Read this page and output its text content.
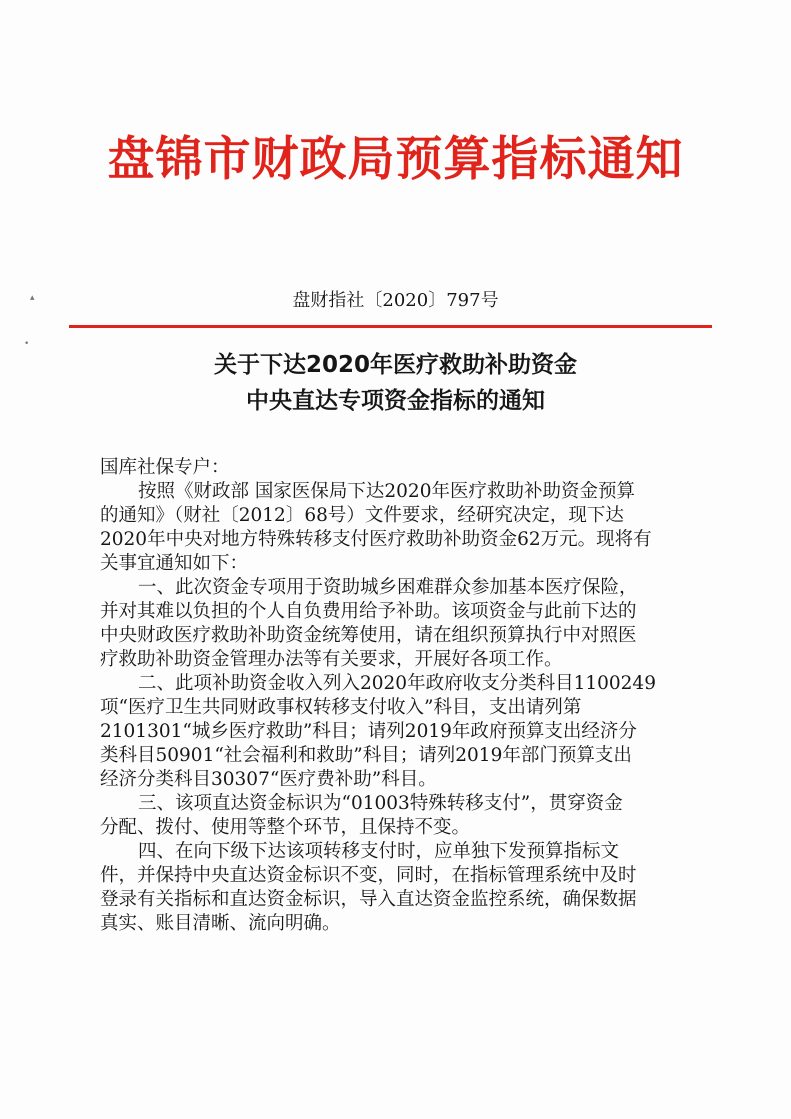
盘锦市财政局预算指标通知
▴
•
盘财指社〔2020〕797号
关于下达2020年医疗救助补助资金
中央直达专项资金指标的通知
国库社保专户：
按照《财政部 国家医保局下达2020年医疗救助补助资金预算
的通知》（财社〔2012〕68号）文件要求，经研究决定，现下达
2020年中央对地方特殊转移支付医疗救助补助资金62万元。现将有
关事宜通知如下：
一、此次资金专项用于资助城乡困难群众参加基本医疗保险，
并对其难以负担的个人自负费用给予补助。该项资金与此前下达的
中央财政医疗救助补助资金统筹使用，请在组织预算执行中对照医
疗救助补助资金管理办法等有关要求，开展好各项工作。
二、此项补助资金收入列入2020年政府收支分类科目1100249
项“医疗卫生共同财政事权转移支付收入”科目，支出请列第
2101301“城乡医疗救助”科目；请列2019年政府预算支出经济分
类科目50901“社会福利和救助”科目；请列2019年部门预算支出
经济分类科目30307“医疗费补助”科目。
三、该项直达资金标识为“01003特殊转移支付”，贯穿资金
分配、拨付、使用等整个环节，且保持不变。
四、在向下级下达该项转移支付时，应单独下发预算指标文
件，并保持中央直达资金标识不变，同时，在指标管理系统中及时
登录有关指标和直达资金标识，导入直达资金监控系统，确保数据
真实、账目清晰、流向明确。
